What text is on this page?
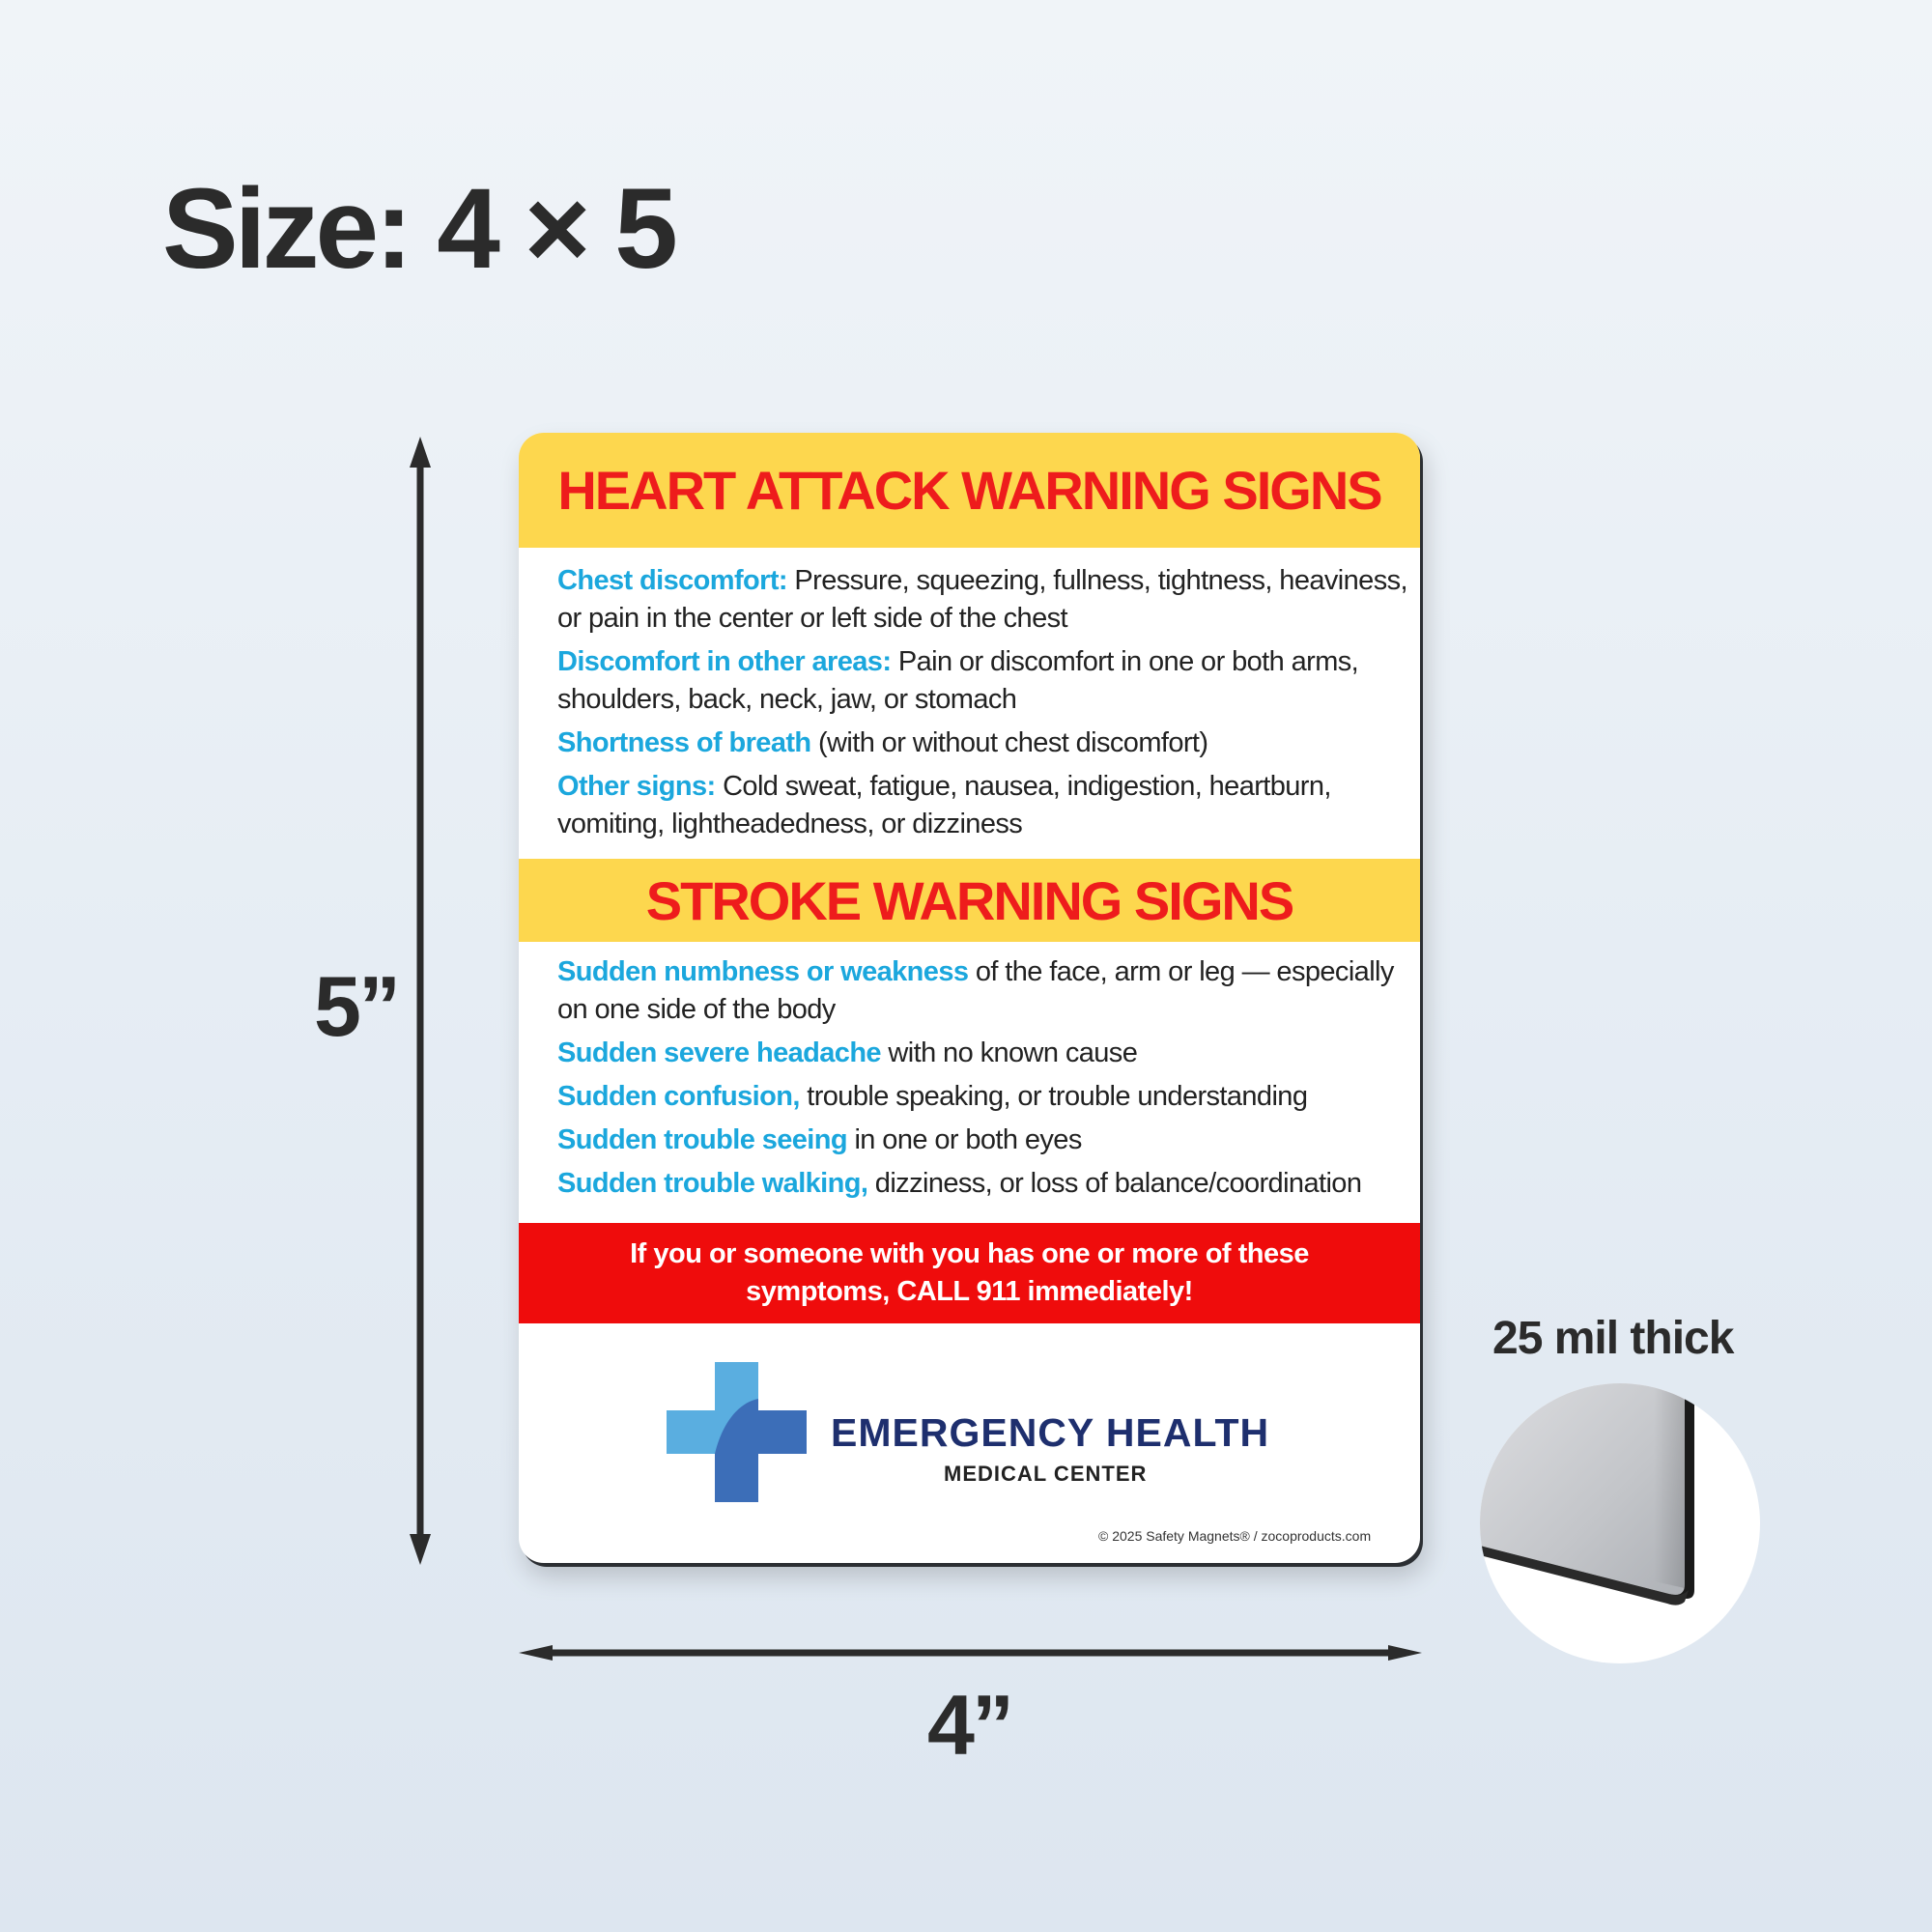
Size: 4 × 5
5”
4”
HEART ATTACK WARNING SIGNS

Chest discomfort: Pressure, squeezing, fullness, tightness, heaviness, or pain in the center or left side of the chest

Discomfort in other areas: Pain or discomfort in one or both arms, shoulders, back, neck, jaw, or stomach

Shortness of breath (with or without chest discomfort)

Other signs: Cold sweat, fatigue, nausea, indigestion, heartburn, vomiting, lightheadedness, or dizziness

STROKE WARNING SIGNS

Sudden numbness or weakness of the face, arm or leg — especially on one side of the body

Sudden severe headache with no known cause

Sudden confusion, trouble speaking, or trouble understanding

Sudden trouble seeing in one or both eyes

Sudden trouble walking, dizziness, or loss of balance/coordination

If you or someone with you has one or more of these symptoms, CALL 911 immediately!

EMERGENCY HEALTH
MEDICAL CENTER
© 2025 Safety Magnets® / zocoproducts.com
25 mil thick
